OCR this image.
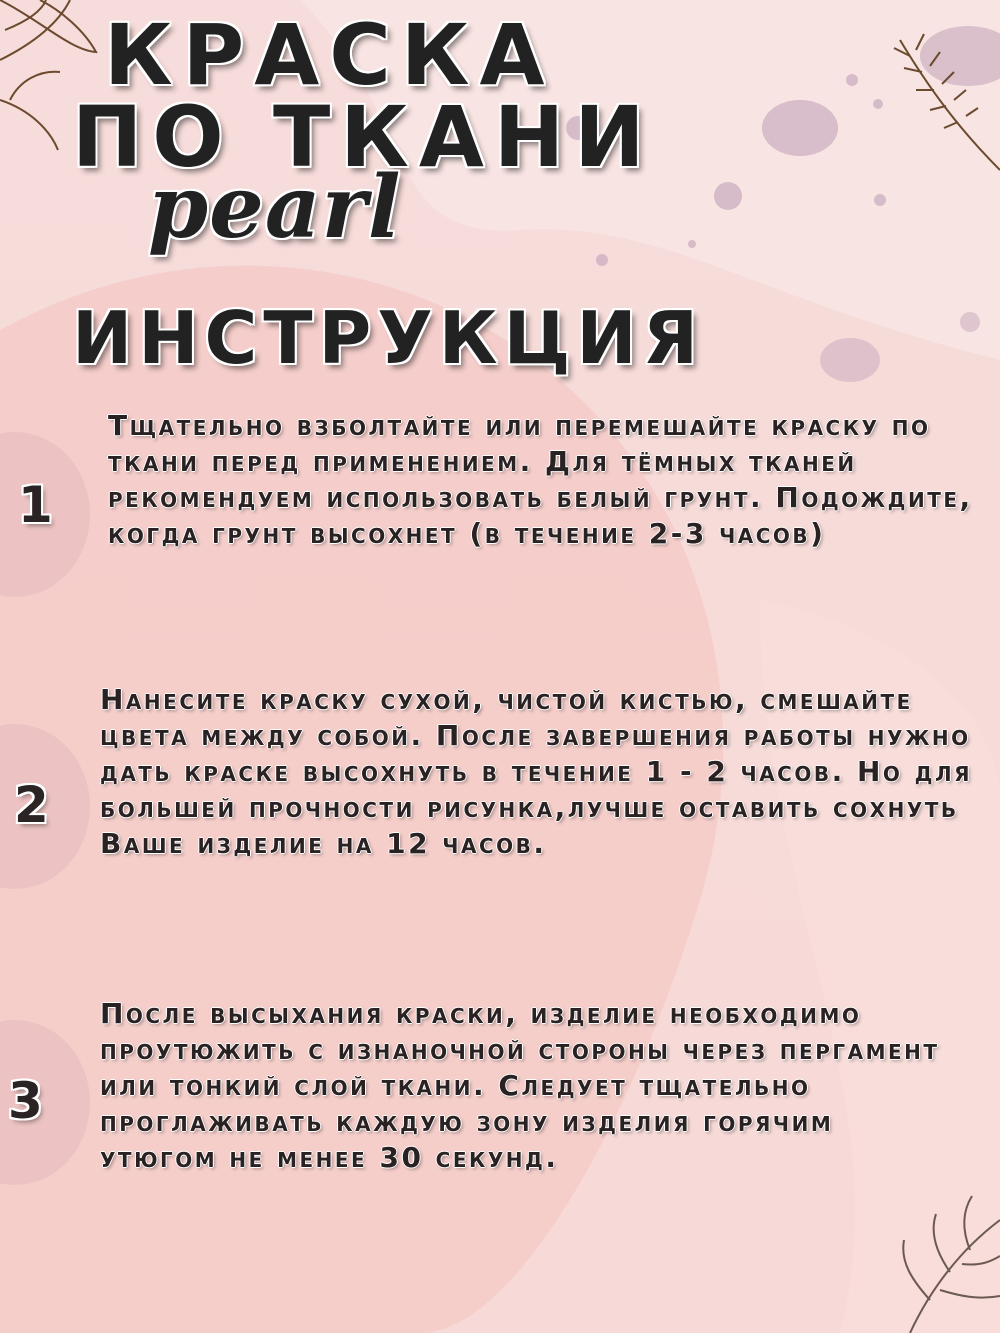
КРАСКА
ПО ТКАНИ
pearl
ИНСТРУКЦИЯ
1

Тщательно взболтайте или перемешайте краску по ткани перед применением. Для тёмных тканей рекомендуем использовать белый грунт. Подождите, когда грунт высохнет (в течение 2-3 часов)

2

Нанесите краску сухой, чистой кистью, смешайте цвета между собой. После завершения работы нужно дать краске высохнуть в течение 1 - 2 часов. Но для большей прочности рисунка,лучше оставить сохнуть Ваше изделие на 12 часов.

3

После высыхания краски, изделие необходимо проутюжить с изнаночной стороны через пергамент или тонкий слой ткани. Следует тщательно проглаживать каждую зону изделия горячим утюгом не менее 30 секунд.
